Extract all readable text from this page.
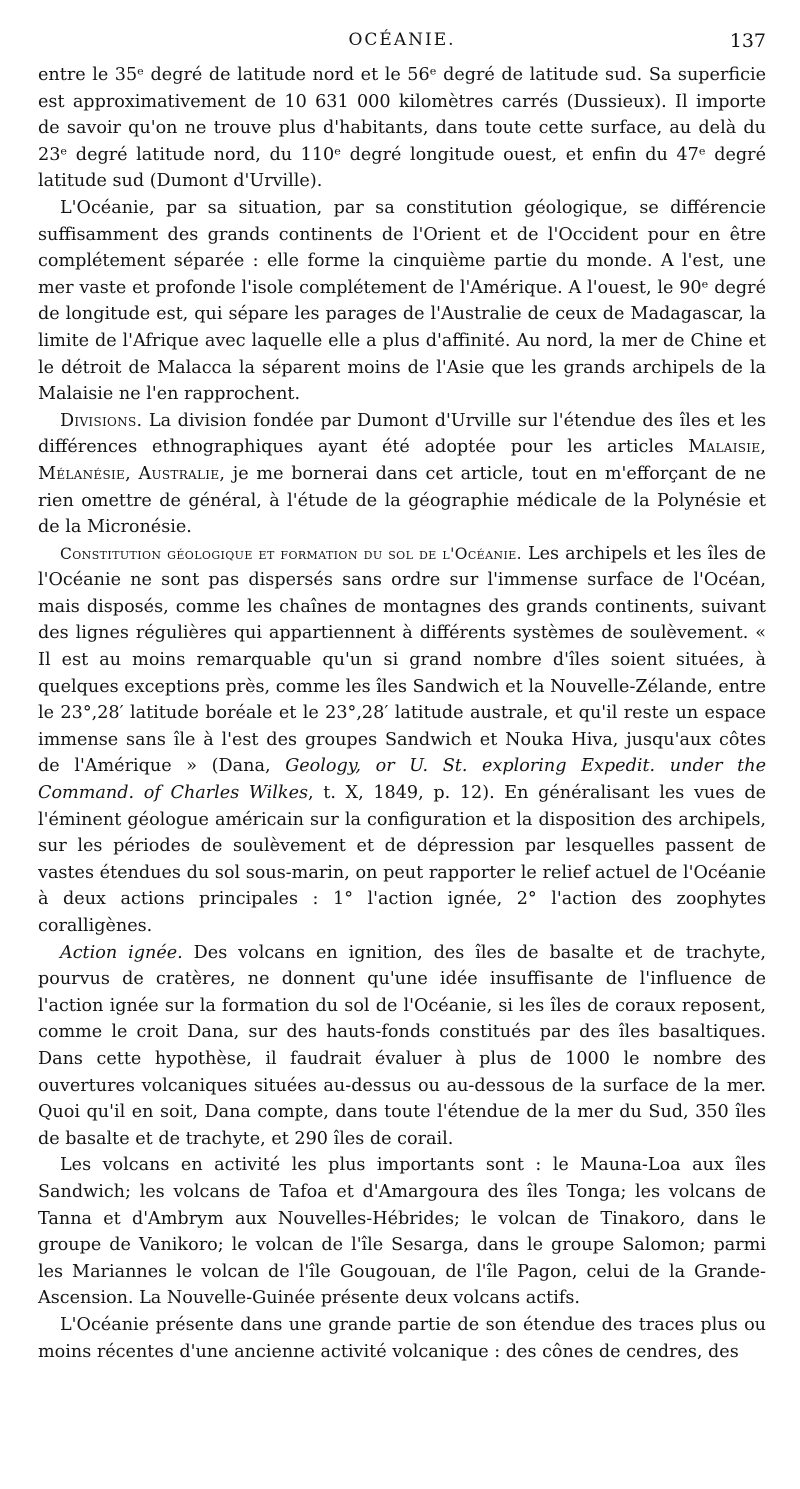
OCÉANIE.	137

entre le 35ᵉ degré de latitude nord et le 56ᵉ degré de latitude sud. Sa superficie est approximativement de 10 631 000 kilomètres carrés (Dussieux). Il importe de savoir qu'on ne trouve plus d'habitants, dans toute cette surface, au delà du 23ᵉ degré latitude nord, du 110ᵉ degré longitude ouest, et enfin du 47ᵉ degré latitude sud (Dumont d'Urville).

L'Océanie, par sa situation, par sa constitution géologique, se différencie suffisamment des grands continents de l'Orient et de l'Occident pour en être complétement séparée : elle forme la cinquième partie du monde. A l'est, une mer vaste et profonde l'isole complétement de l'Amérique. A l'ouest, le 90ᵉ degré de longitude est, qui sépare les parages de l'Australie de ceux de Madagascar, la limite de l'Afrique avec laquelle elle a plus d'affinité. Au nord, la mer de Chine et le détroit de Malacca la séparent moins de l'Asie que les grands archipels de la Malaisie ne l'en rapprochent.

Divisions. La division fondée par Dumont d'Urville sur l'étendue des îles et les différences ethnographiques ayant été adoptée pour les articles Malaisie, Mélanésie, Australie, je me bornerai dans cet article, tout en m'efforçant de ne rien omettre de général, à l'étude de la géographie médicale de la Polynésie et de la Micronésie.

Constitution géologique et formation du sol de l'Océanie. Les archipels et les îles de l'Océanie ne sont pas dispersés sans ordre sur l'immense surface de l'Océan, mais disposés, comme les chaînes de montagnes des grands continents, suivant des lignes régulières qui appartiennent à différents systèmes de soulèvement. « Il est au moins remarquable qu'un si grand nombre d'îles soient situées, à quelques exceptions près, comme les îles Sandwich et la Nouvelle-Zélande, entre le 23°,28′ latitude boréale et le 23°,28′ latitude australe, et qu'il reste un espace immense sans île à l'est des groupes Sandwich et Nouka Hiva, jusqu'aux côtes de l'Amérique » (Dana, Geology, or U. St. exploring Expedit. under the Command. of Charles Wilkes, t. X, 1849, p. 12). En généralisant les vues de l'éminent géologue américain sur la configuration et la disposition des archipels, sur les périodes de soulèvement et de dépression par lesquelles passent de vastes étendues du sol sous-marin, on peut rapporter le relief actuel de l'Océanie à deux actions principales : 1° l'action ignée, 2° l'action des zoophytes coralligènes.

Action ignée. Des volcans en ignition, des îles de basalte et de trachyte, pourvus de cratères, ne donnent qu'une idée insuffisante de l'influence de l'action ignée sur la formation du sol de l'Océanie, si les îles de coraux reposent, comme le croit Dana, sur des hauts-fonds constitués par des îles basaltiques. Dans cette hypothèse, il faudrait évaluer à plus de 1000 le nombre des ouvertures volcaniques situées au-dessus ou au-dessous de la surface de la mer. Quoi qu'il en soit, Dana compte, dans toute l'étendue de la mer du Sud, 350 îles de basalte et de trachyte, et 290 îles de corail.

Les volcans en activité les plus importants sont : le Mauna-Loa aux îles Sandwich; les volcans de Tafoa et d'Amargoura des îles Tonga; les volcans de Tanna et d'Ambrym aux Nouvelles-Hébrides; le volcan de Tinakoro, dans le groupe de Vanikoro; le volcan de l'île Sesarga, dans le groupe Salomon; parmi les Mariannes le volcan de l'île Gougouan, de l'île Pagon, celui de la Grande-Ascension. La Nouvelle-Guinée présente deux volcans actifs.

L'Océanie présente dans une grande partie de son étendue des traces plus ou moins récentes d'une ancienne activité volcanique : des cônes de cendres, des
